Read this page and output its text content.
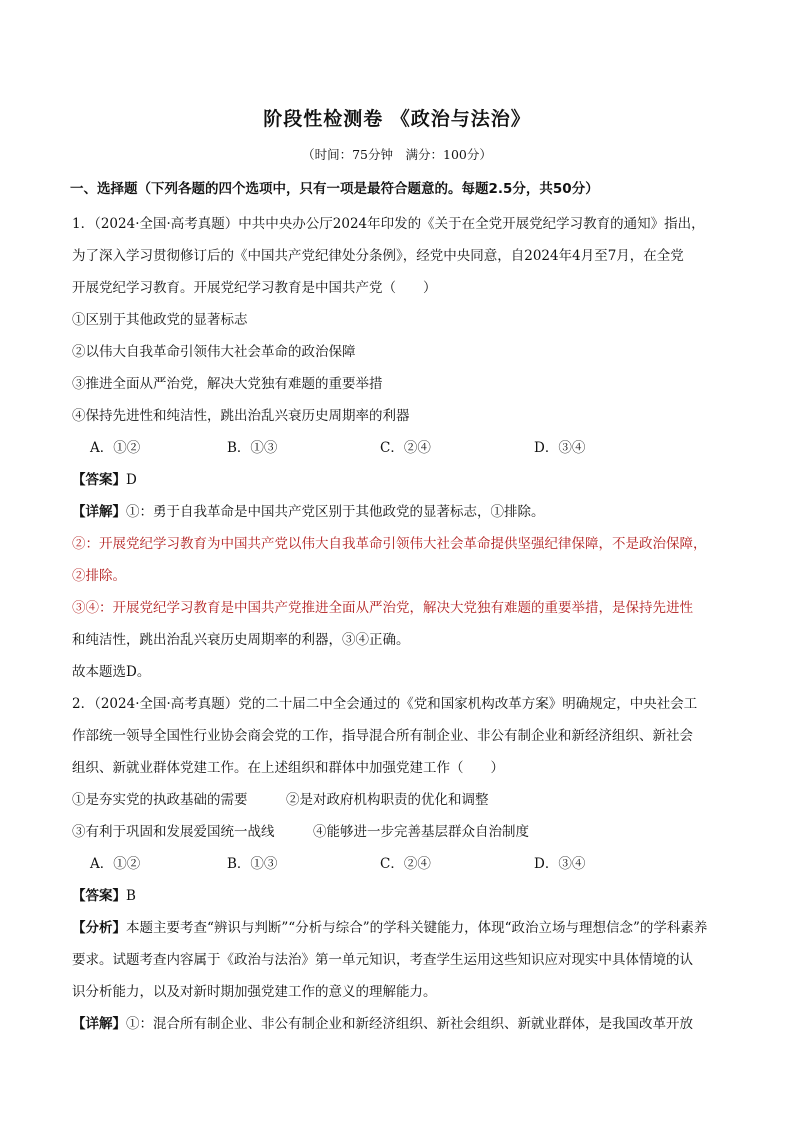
阶段性检测卷 《政治与法治》
（时间：75分钟　满分：100分）
一、选择题（下列各题的四个选项中，只有一项是最符合题意的。每题2.5分，共50分）
1．（2024·全国·高考真题）中共中央办公厅2024年印发的《关于在全党开展党纪学习教育的通知》指出，
为了深入学习贯彻修订后的《中国共产党纪律处分条例》，经党中央同意，自2024年4月至7月，在全党
开展党纪学习教育。开展党纪学习教育是中国共产党（　　）
①区别于其他政党的显著标志
②以伟大自我革命引领伟大社会革命的政治保障
③推进全面从严治党，解决大党独有难题的重要举措
④保持先进性和纯洁性，跳出治乱兴衰历史周期率的利器
A．①②	B．①③	C．②④	D．③④
【答案】D
【详解】①：勇于自我革命是中国共产党区别于其他政党的显著标志，①排除。
②：开展党纪学习教育为中国共产党以伟大自我革命引领伟大社会革命提供坚强纪律保障，不是政治保障，
②排除。
③④：开展党纪学习教育是中国共产党推进全面从严治党，解决大党独有难题的重要举措，是保持先进性
和纯洁性，跳出治乱兴衰历史周期率的利器，③④正确。
故本题选D。
2．（2024·全国·高考真题）党的二十届二中全会通过的《党和国家机构改革方案》明确规定，中央社会工
作部统一领导全国性行业协会商会党的工作，指导混合所有制企业、非公有制企业和新经济组织、新社会
组织、新就业群体党建工作。在上述组织和群体中加强党建工作（　　）
①是夯实党的执政基础的需要	②是对政府机构职责的优化和调整
③有利于巩固和发展爱国统一战线	④能够进一步完善基层群众自治制度
A．①②	B．①③	C．②④	D．③④
【答案】B
【分析】本题主要考查“辨识与判断”“分析与综合”的学科关键能力，体现“政治立场与理想信念”的学科素养
要求。试题考查内容属于《政治与法治》第一单元知识，考查学生运用这些知识应对现实中具体情境的认
识分析能力，以及对新时期加强党建工作的意义的理解能力。
【详解】①：混合所有制企业、非公有制企业和新经济组织、新社会组织、新就业群体，是我国改革开放
